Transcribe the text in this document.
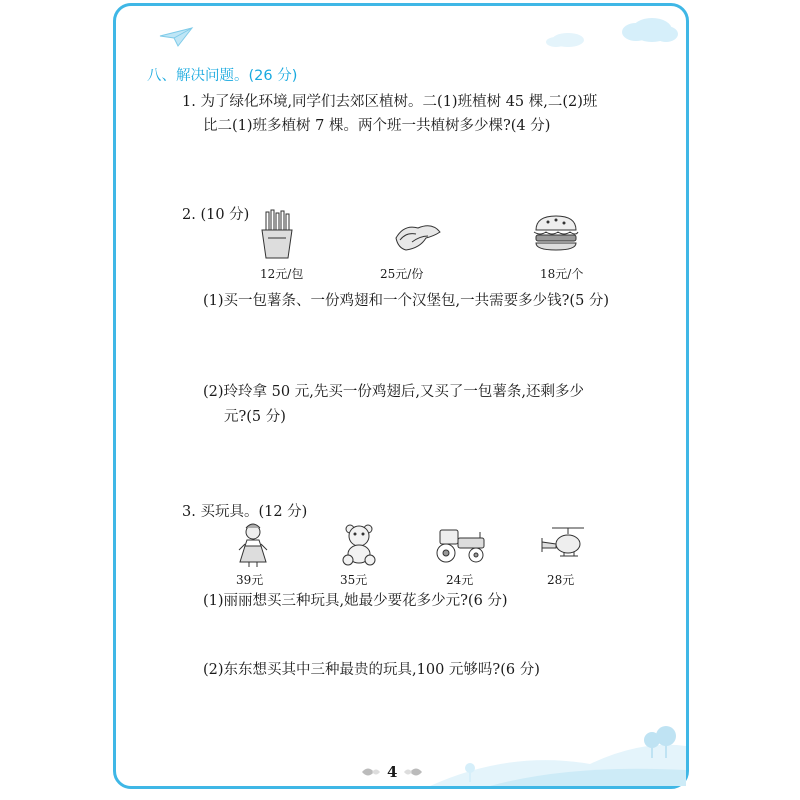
八、解决问题。(26 分)
1. 为了绿化环境,同学们去郊区植树。二(1)班植树 45 棵,二(2)班
比二(1)班多植树 7 棵。两个班一共植树多少棵?(4 分)
2. (10 分)
12元/包	25元/份	18元/个
(1)买一包薯条、一份鸡翅和一个汉堡包,一共需要多少钱?(5 分)
(2)玲玲拿 50 元,先买一份鸡翅后,又买了一包薯条,还剩多少
元?(5 分)
3. 买玩具。(12 分)
39元	35元	24元	28元
(1)丽丽想买三种玩具,她最少要花多少元?(6 分)
(2)东东想买其中三种最贵的玩具,100 元够吗?(6 分)
4
